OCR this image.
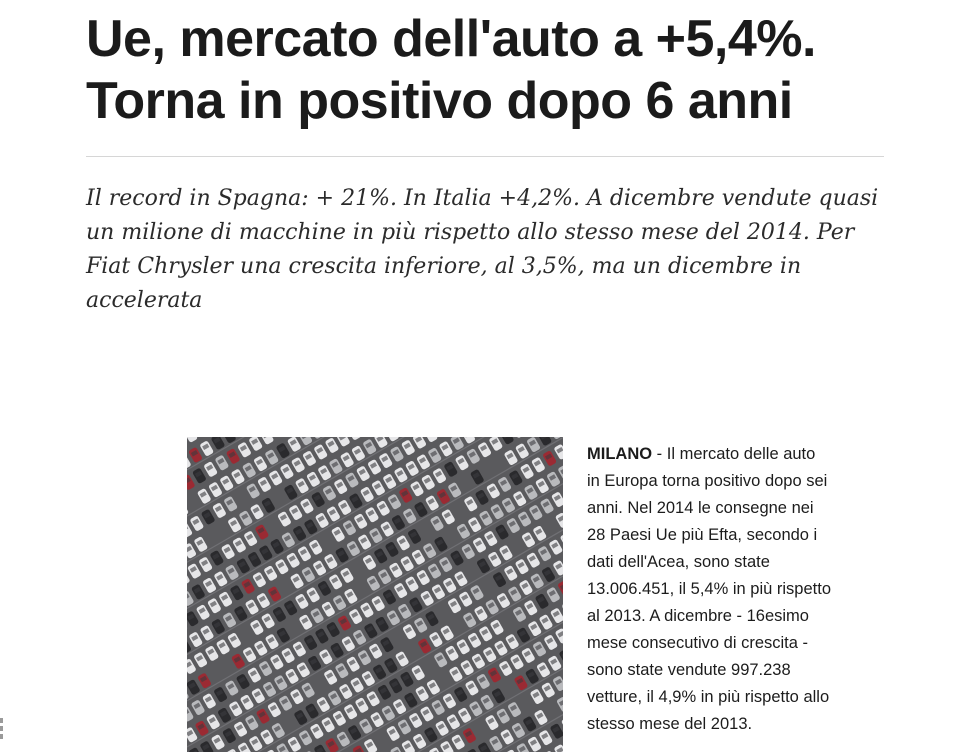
Ue, mercato dell'auto a +5,4%.
Torna in positivo dopo 6 anni

Il record in Spagna: + 21%. In Italia +4,2%. A dicembre vendute quasi
un milione di macchine in più rispetto allo stesso mese del 2014. Per
Fiat Chrysler una crescita inferiore, al 3,5%, ma un dicembre in
accelerata

MILANO - Il mercato delle auto
in Europa torna positivo dopo sei
anni. Nel 2014 le consegne nei
28 Paesi Ue più Efta, secondo i
dati dell'Acea, sono state
13.006.451, il 5,4% in più rispetto
al 2013. A dicembre - 16esimo
mese consecutivo di crescita -
sono state vendute 997.238
vetture, il 4,9% in più rispetto allo
stesso mese del 2013.
